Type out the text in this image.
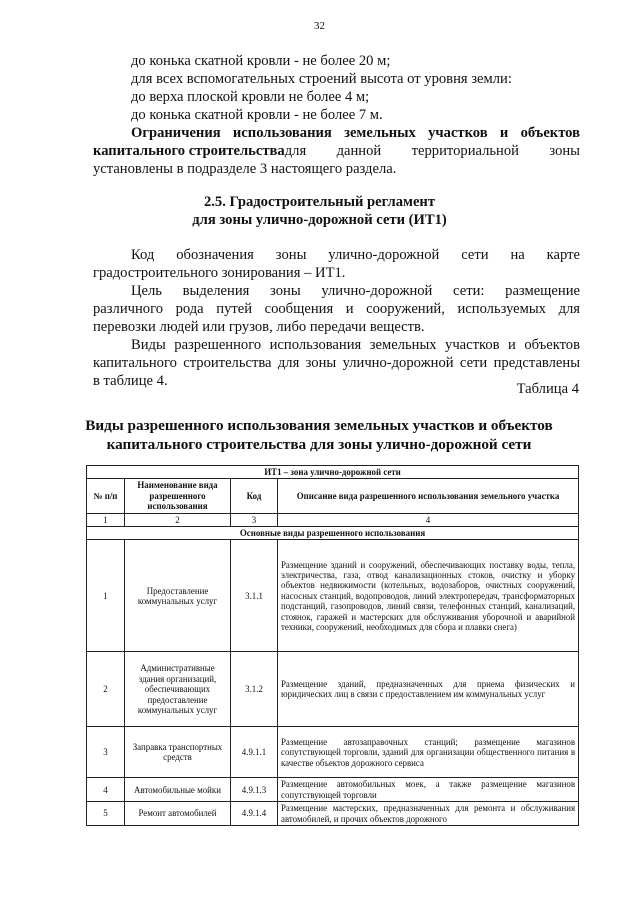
32
до конька скатной кровли - не более 20 м;
для всех вспомогательных строений высота от уровня земли:
до верха плоской кровли не более 4 м;
до конька скатной кровли - не более 7 м.
Ограничения использования земельных участков и объектов
капитального строительства для данной территориальной зоны
установлены в подразделе 3 настоящего раздела.
2.5. Градостроительный регламент
для зоны улично-дорожной сети (ИТ1)
Код обозначения зоны улично-дорожной сети на карте
градостроительного зонирования – ИТ1.
Цель выделения зоны улично-дорожной сети: размещение
различного рода путей сообщения и сооружений, используемых для
перевозки людей или грузов, либо передачи веществ.
Виды разрешенного использования земельных участков и объектов
капитального строительства для зоны улично-дорожной сети представлены
в таблице 4.	Таблица 4
Виды разрешенного использования земельных участков и объектов
капитального строительства для зоны улично-дорожной сети
ИТ1 – зона улично-дорожной сети			
№ п/п	Наименование вида разрешенного использования	Код	Описание вида разрешенного использования земельного участка
1	2	3	4
Основные виды разрешенного использования			
1	Предоставление коммунальных услуг	3.1.1	Размещение зданий и сооружений, обеспечивающих поставку воды, тепла, электричества, газа, отвод канализационных стоков, очистку и уборку объектов недвижимости (котельных, водозаборов, очистных сооружений, насосных станций, водопроводов, линий электропередач, трансформаторных подстанций, газопроводов, линий связи, телефонных станций, канализаций, стоянок, гаражей и мастерских для обслуживания уборочной и аварийной техники, сооружений, необходимых для сбора и плавки снега)
2	Административные здания организаций, обеспечивающих предоставление коммунальных услуг	3.1.2	Размещение зданий, предназначенных для приема физических и юридических лиц в связи с предоставлением им коммунальных услуг
3	Заправка транспортных средств	4.9.1.1	Размещение автозаправочных станций; размещение магазинов сопутствующей торговли, зданий для организации общественного питания в качестве объектов дорожного сервиса
4	Автомобильные мойки	4.9.1.3	Размещение автомобильных моек, а также размещение магазинов сопутствующей торговли
5	Ремонт автомобилей	4.9.1.4	Размещение мастерских, предназначенных для ремонта и обслуживания автомобилей, и прочих объектов дорожного
